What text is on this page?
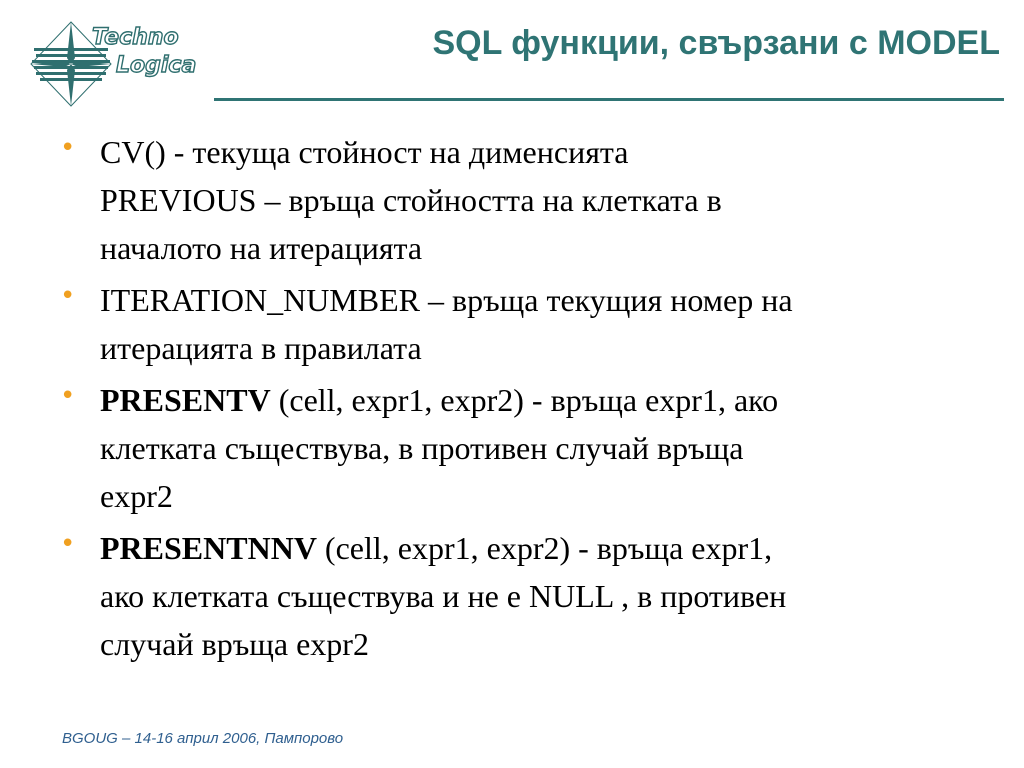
Techno
Logica
SQL функции, свързани с MODEL
• CV() - текуща стойност на дименсията
PREVIOUS – връща стойността на клетката в
началото на итерацията
• ITERATION_NUMBER – връща текущия номер на
итерацията в правилата
• PRESENTV (cell, expr1, expr2) - връща expr1, ако
клетката съществува, в противен случай връща
expr2
• PRESENTNNV (cell, expr1, expr2) - връща expr1,
ако клетката съществува и не е NULL , в противен
случай връща expr2
BGOUG – 14-16 април 2006, Пампорово
